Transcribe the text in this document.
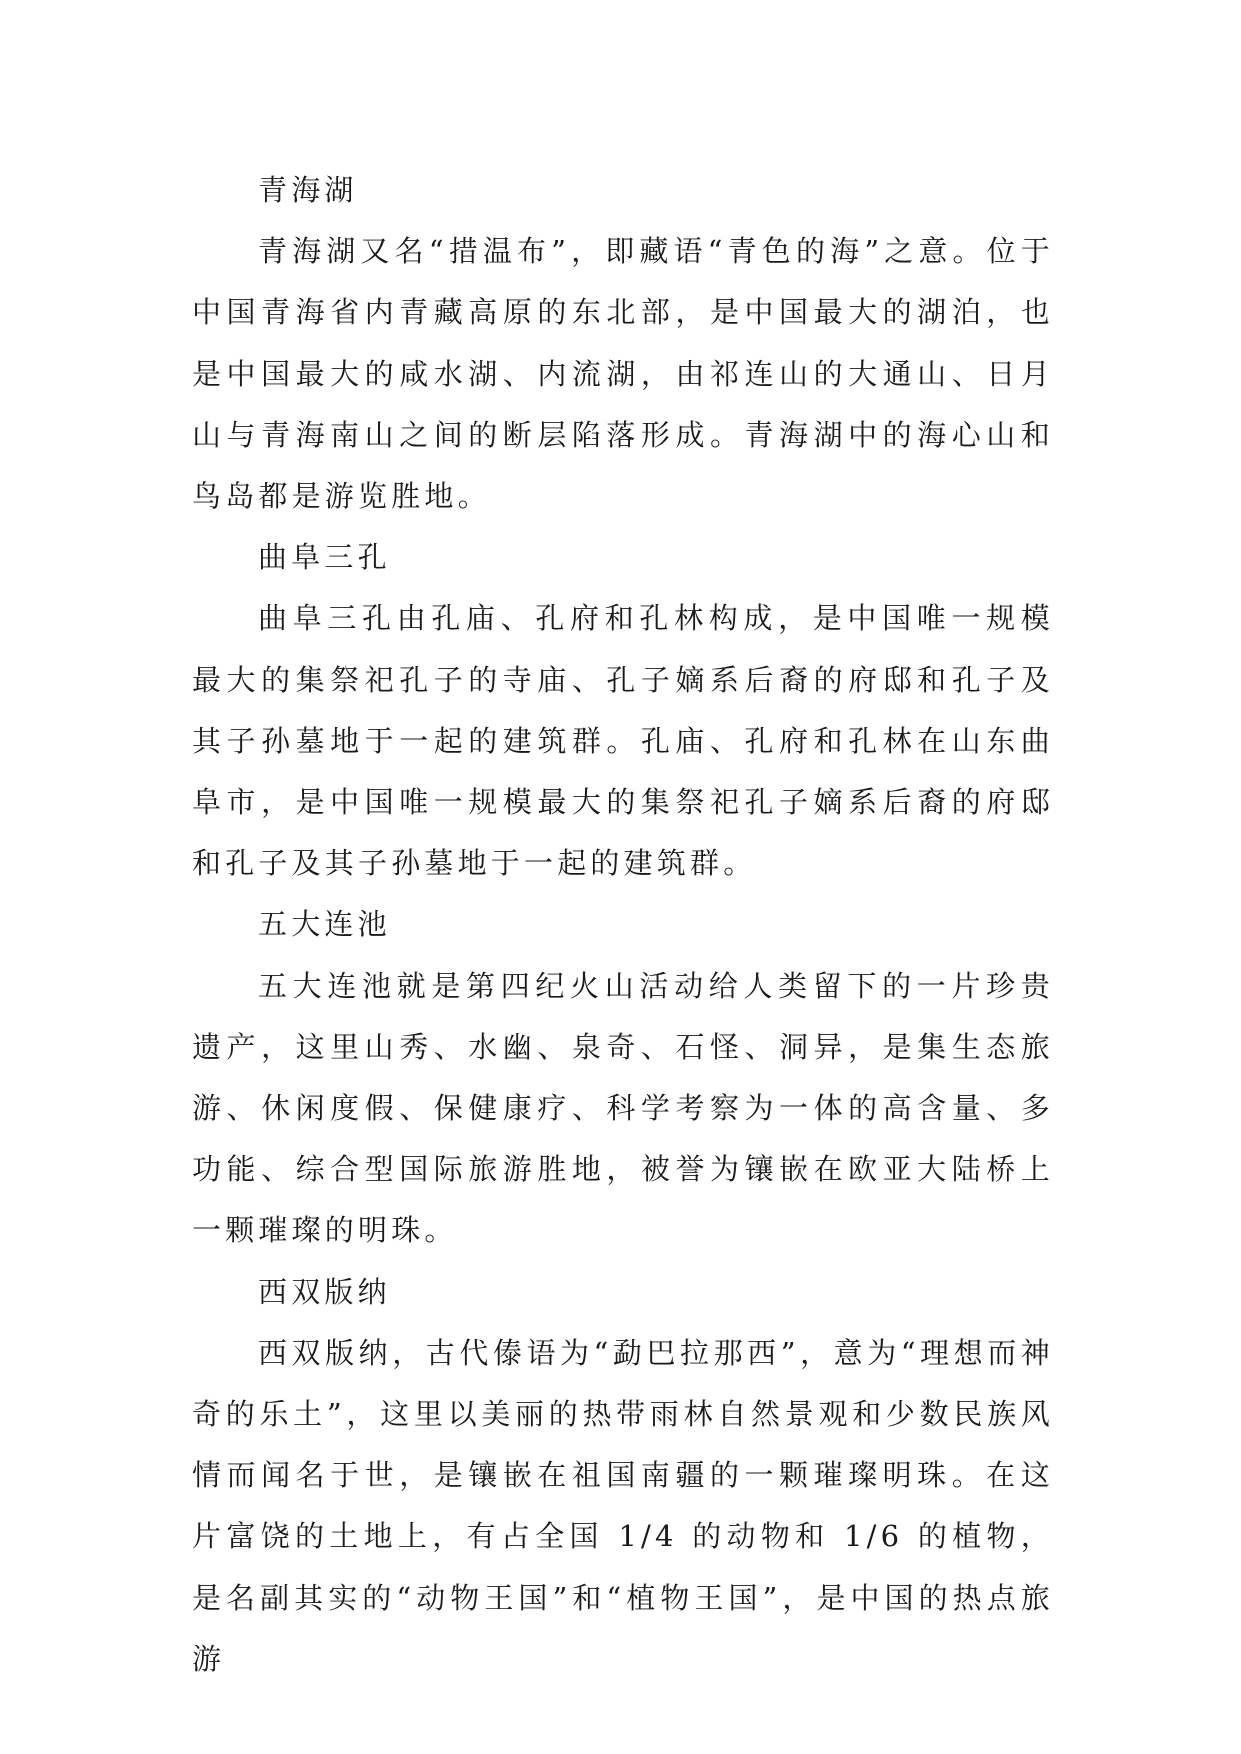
青海湖

青海湖又名“措温布”，即藏语“青色的海”之意。位于中国青海省内青藏高原的东北部，是中国最大的湖泊，也是中国最大的咸水湖、内流湖，由祁连山的大通山、日月山与青海南山之间的断层陷落形成。青海湖中的海心山和鸟岛都是游览胜地。

曲阜三孔

曲阜三孔由孔庙、孔府和孔林构成，是中国唯一规模最大的集祭祀孔子的寺庙、孔子嫡系后裔的府邸和孔子及其子孙墓地于一起的建筑群。孔庙、孔府和孔林在山东曲阜市，是中国唯一规模最大的集祭祀孔子嫡系后裔的府邸和孔子及其子孙墓地于一起的建筑群。

五大连池

五大连池就是第四纪火山活动给人类留下的一片珍贵遗产，这里山秀、水幽、泉奇、石怪、洞异，是集生态旅游、休闲度假、保健康疗、科学考察为一体的高含量、多功能、综合型国际旅游胜地，被誉为镶嵌在欧亚大陆桥上一颗璀璨的明珠。

西双版纳

西双版纳，古代傣语为“勐巴拉那西”，意为“理想而神奇的乐土”，这里以美丽的热带雨林自然景观和少数民族风情而闻名于世，是镶嵌在祖国南疆的一颗璀璨明珠。在这片富饶的土地上，有占全国 1/4 的动物和 1/6 的植物，是名副其实的“动物王国”和“植物王国”，是中国的热点旅游
